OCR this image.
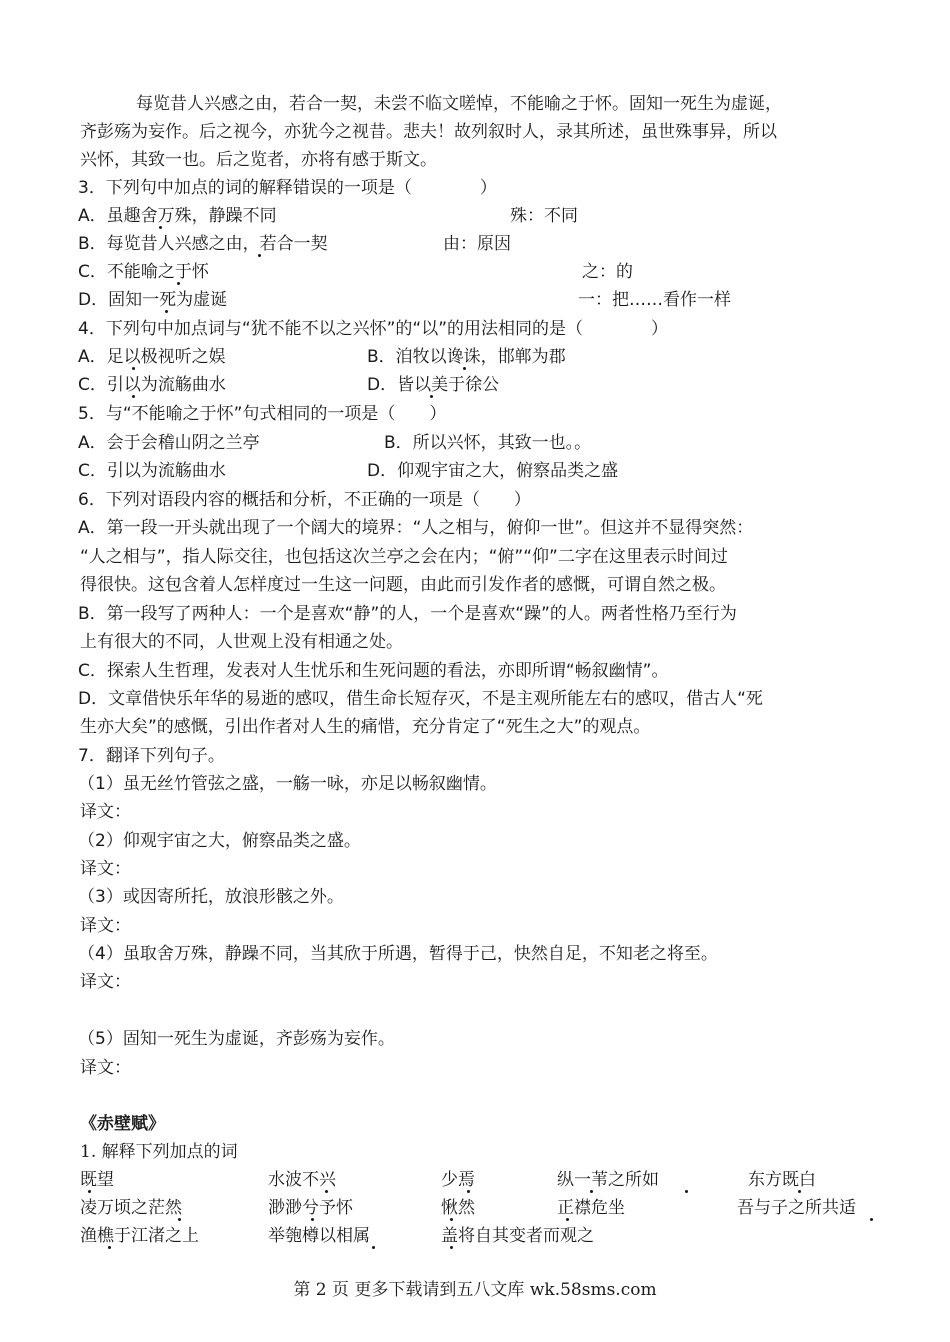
每览昔人兴感之由，若合一契，未尝不临文嗟悼，不能喻之于怀。固知一死生为虚诞，
齐彭殇为妄作。后之视今，亦犹今之视昔。悲夫！故列叙时人，录其所述，虽世殊事异，所以
兴怀，其致一也。后之览者，亦将有感于斯文。
3．下列句中加点的词的解释错误的一项是（　　　　）
A．虽趣舍万殊，静躁不同	殊：不同
B．每览昔人兴感之由，若合一契	由：原因
C．不能喻之于怀	之：的
D．固知一死为虚诞	一：把……看作一样
4．下列句中加点词与“犹不能不以之兴怀”的“以”的用法相同的是（　　　　）
A．足以极视听之娱	B．洎牧以谗诛，邯郸为郡
C．引以为流觞曲水	D．皆以美于徐公
5．与“不能喻之于怀”句式相同的一项是（　　）
A．会于会稽山阴之兰亭	B．所以兴怀，其致一也。。
C．引以为流觞曲水	D．仰观宇宙之大，俯察品类之盛
6．下列对语段内容的概括和分析，不正确的一项是（　　）
A．第一段一开头就出现了一个阔大的境界：“人之相与，俯仰一世”。但这并不显得突然：
“人之相与”，指人际交往，也包括这次兰亭之会在内；“俯”“仰”二字在这里表示时间过
得很快。这包含着人怎样度过一生这一问题，由此而引发作者的感慨，可谓自然之极。
B．第一段写了两种人：一个是喜欢“静”的人，一个是喜欢“躁”的人。两者性格乃至行为
上有很大的不同，人世观上没有相通之处。
C．探索人生哲理，发表对人生忧乐和生死问题的看法，亦即所谓“畅叙幽情”。
D．文章借快乐年华的易逝的感叹，借生命长短存灭，不是主观所能左右的感叹，借古人“死
生亦大矣”的感慨，引出作者对人生的痛惜，充分肯定了“死生之大”的观点。
7．翻译下列句子。
（1）虽无丝竹管弦之盛，一觞一咏，亦足以畅叙幽情。
译文：
（2）仰观宇宙之大，俯察品类之盛。
译文：
（3）或因寄所托，放浪形骸之外。
译文：
（4）虽取舍万殊，静躁不同，当其欣于所遇，暂得于己，快然自足，不知老之将至。
译文：
（5）固知一死生为虚诞，齐彭殇为妄作。
译文：
《赤壁赋》
1. 解释下列加点的词
既望	水波不兴	少焉	纵一苇之所如	东方既白
凌万顷之茫然	渺渺兮予怀	愀然	正襟危坐	吾与子之所共适
渔樵于江渚之上	举匏樽以相属	盖将自其变者而观之
第 2 页 更多下载请到五八文库 wk.58sms.com
